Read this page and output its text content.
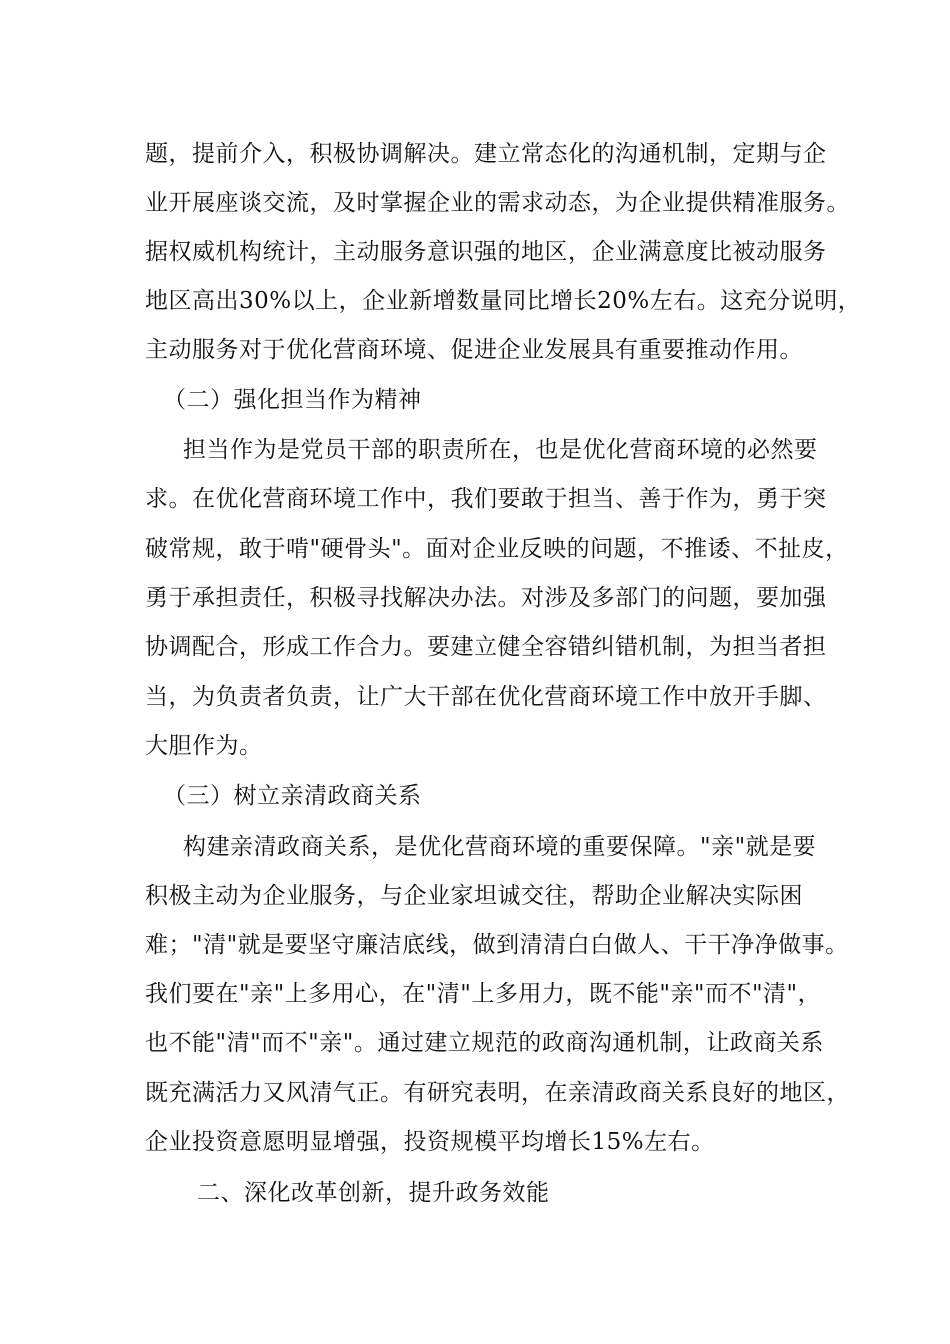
题，提前介入，积极协调解决。建立常态化的沟通机制，定期与企
业开展座谈交流，及时掌握企业的需求动态，为企业提供精准服务。
据权威机构统计，主动服务意识强的地区，企业满意度比被动服务
地区高出30%以上，企业新增数量同比增长20%左右。这充分说明，
主动服务对于优化营商环境、促进企业发展具有重要推动作用。
（二）强化担当作为精神
担当作为是党员干部的职责所在，也是优化营商环境的必然要
求。在优化营商环境工作中，我们要敢于担当、善于作为，勇于突
破常规，敢于啃"硬骨头"。面对企业反映的问题，不推诿、不扯皮，
勇于承担责任，积极寻找解决办法。对涉及多部门的问题，要加强
协调配合，形成工作合力。要建立健全容错纠错机制，为担当者担
当，为负责者负责，让广大干部在优化营商环境工作中放开手脚、
大胆作为。
（三）树立亲清政商关系
构建亲清政商关系，是优化营商环境的重要保障。"亲"就是要
积极主动为企业服务，与企业家坦诚交往，帮助企业解决实际困
难；"清"就是要坚守廉洁底线，做到清清白白做人、干干净净做事。
我们要在"亲"上多用心，在"清"上多用力，既不能"亲"而不"清"，
也不能"清"而不"亲"。通过建立规范的政商沟通机制，让政商关系
既充满活力又风清气正。有研究表明，在亲清政商关系良好的地区，
企业投资意愿明显增强，投资规模平均增长15%左右。
二、深化改革创新，提升政务效能
